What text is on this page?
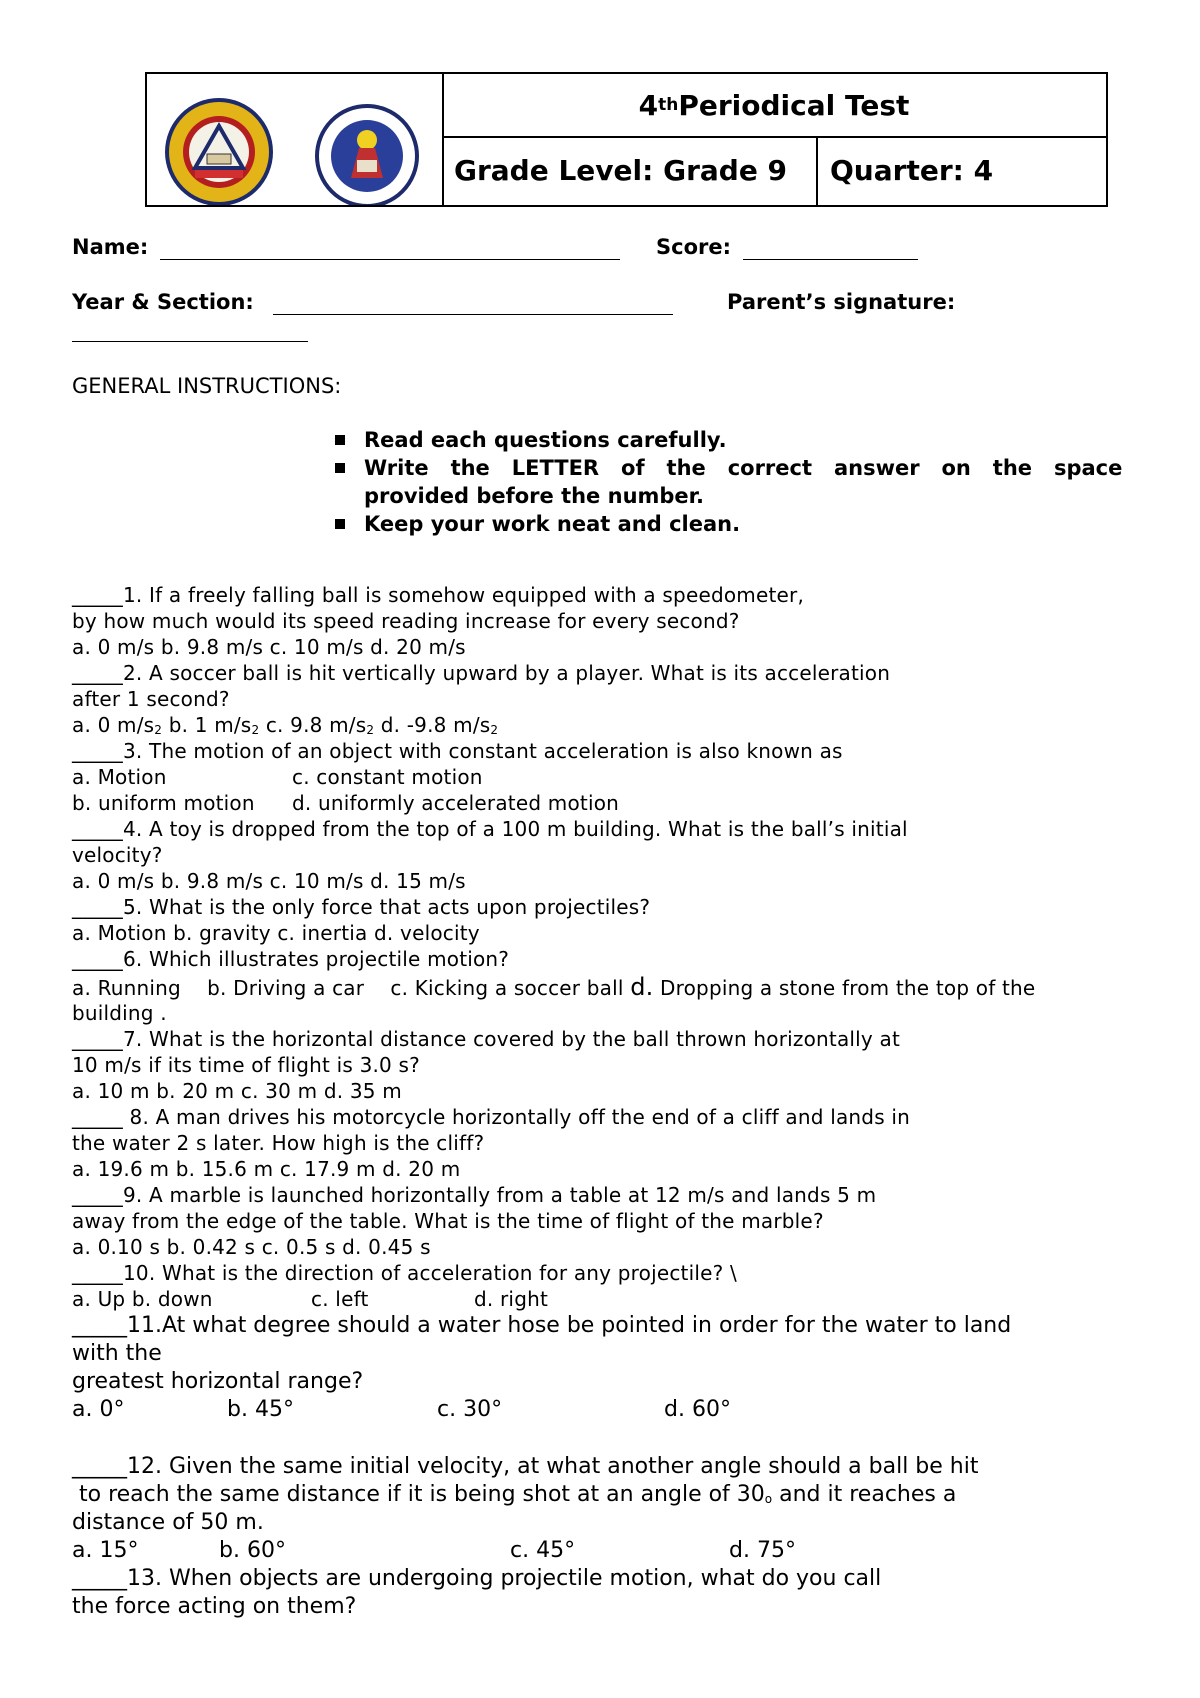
4 th Periodical Test
Grade Level: Grade 9	Quarter: 4
Name:	Score:
Year & Section:	Parent’s signature:
GENERAL INSTRUCTIONS:
Read each questions carefully.
Write   the   LETTER   of   the   correct   answer   on   the   space
provided before the number.
Keep your work neat and clean.
_____1. If a freely falling ball is somehow equipped with a speedometer,
by how much would its speed reading increase for every second?
a. 0 m/s b. 9.8 m/s c. 10 m/s d. 20 m/s
_____2. A soccer ball is hit vertically upward by a player. What is its acceleration
after 1 second?
a. 0 $m/s_2$ b. 1 $m/s_2$ c. 9.8 $m/s_2$ d. -9.8 $m/s_2$
_____3. The motion of an object with constant acceleration is also known as
a. Motion	c. constant motion
b. uniform motion d. uniformly accelerated motion
_____4. A toy is dropped from the top of a 100 m building. What is the ball’s initial
velocity?
a. 0 m/s b. 9.8 m/s c. 10 m/s d. 15 m/s
_____5. What is the only force that acts upon projectiles?
a. Motion b. gravity c. inertia d. velocity
_____6. Which illustrates projectile motion?
a. Running    b. Driving a car    c. Kicking a soccer ball d. Dropping a stone from the top of the
building .
_____7. What is the horizontal distance covered by the ball thrown horizontally at
10 m/s if its time of flight is 3.0 s?
a. 10 m b. 20 m c. 30 m d. 35 m
_____ 8. A man drives his motorcycle horizontally off the end of a cliff and lands in
the water 2 s later. How high is the cliff?
a. 19.6 m b. 15.6 m c. 17.9 m d. 20 m
_____9. A marble is launched horizontally from a table at 12 m/s and lands 5 m
away from the edge of the table. What is the time of flight of the marble?
a. 0.10 s b. 0.42 s c. 0.5 s d. 0.45 s
_____10. What is the direction of acceleration for any projectile? \
a. Up b. down	c. left	d. right
_____11.At what degree should a water hose be pointed in order for the water to land
with the
greatest horizontal range?
a. 0°	b. 45°	c. 30°	d. 60°
_____12. Given the same initial velocity, at what another angle should a ball be hit
to reach the same distance if it is being shot at an angle of $30_o$ and it reaches a
distance of 50 m.
a. 15°	b. 60°	c. 45°	d. 75°
_____13. When objects are undergoing projectile motion, what do you call
the force acting on them?
